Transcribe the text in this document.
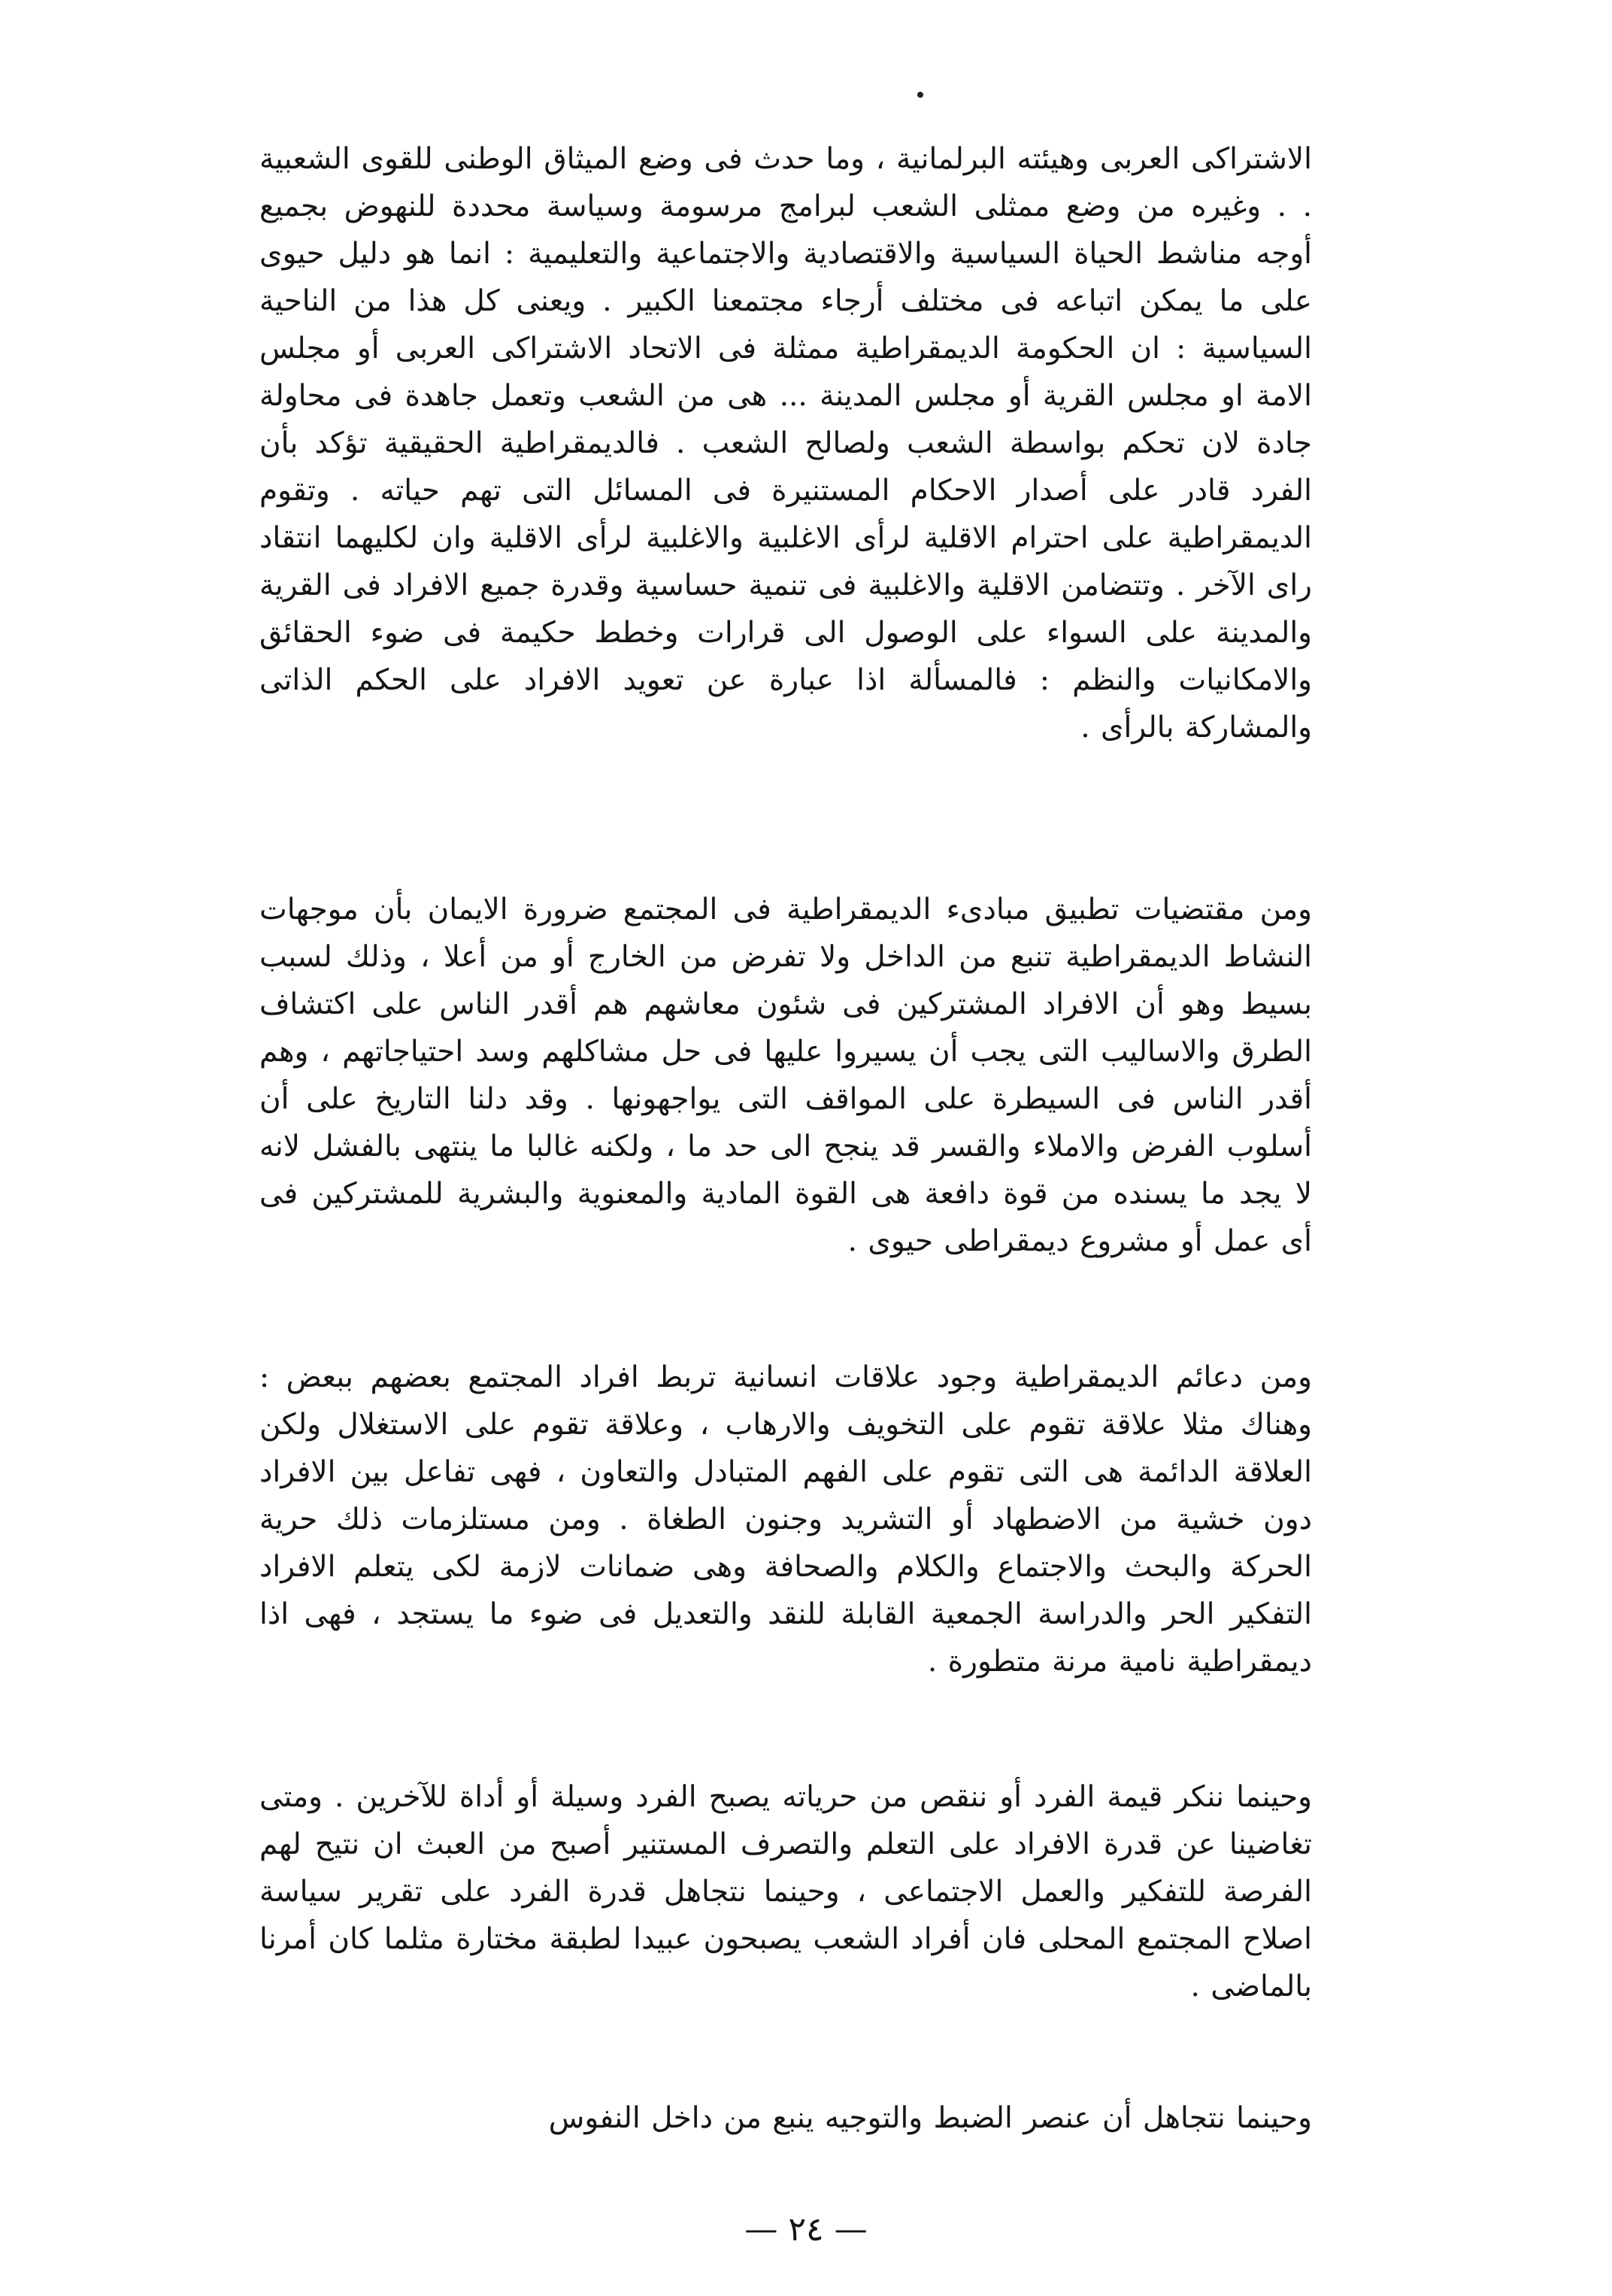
الاشتراكى العربى وهيئته البرلمانية ، وما حدث فى وضع الميثاق الوطنى للقوى الشعبية . . وغيره من وضع ممثلى الشعب لبرامج مرسومة وسياسة محددة للنهوض بجميع أوجه مناشط الحياة السياسية والاقتصادية والاجتماعية والتعليمية : انما هو دليل حيوى على ما يمكن اتباعه فى مختلف أرجاء مجتمعنا الكبير . ويعنى كل هذا من الناحية السياسية : ان الحكومة الديمقراطية ممثلة فى الاتحاد الاشتراكى العربى أو مجلس الامة او مجلس القرية أو مجلس المدينة ... هى من الشعب وتعمل جاهدة فى محاولة جادة لان تحكم بواسطة الشعب ولصالح الشعب . فالديمقراطية الحقيقية تؤكد بأن الفرد قادر على أصدار الاحكام المستنيرة فى المسائل التى تهم حياته . وتقوم الديمقراطية على احترام الاقلية لرأى الاغلبية والاغلبية لرأى الاقلية وان لكليهما انتقاد راى الآخر . وتتضامن الاقلية والاغلبية فى تنمية حساسية وقدرة جميع الافراد فى القرية والمدينة على السواء على الوصول الى قرارات وخطط حكيمة فى ضوء الحقائق والامكانيات والنظم : فالمسألة اذا عبارة عن تعويد الافراد على الحكم الذاتى والمشاركة بالرأى .

ومن مقتضيات تطبيق مبادىء الديمقراطية فى المجتمع ضرورة الايمان بأن موجهات النشاط الديمقراطية تنبع من الداخل ولا تفرض من الخارج أو من أعلا ، وذلك لسبب بسيط وهو أن الافراد المشتركين فى شئون معاشهم هم أقدر الناس على اكتشاف الطرق والاساليب التى يجب أن يسيروا عليها فى حل مشاكلهم وسد احتياجاتهم ، وهم أقدر الناس فى السيطرة على المواقف التى يواجهونها . وقد دلنا التاريخ على أن أسلوب الفرض والاملاء والقسر قد ينجح الى حد ما ، ولكنه غالبا ما ينتهى بالفشل لانه لا يجد ما يسنده من قوة دافعة هى القوة المادية والمعنوية والبشرية للمشتركين فى أى عمل أو مشروع ديمقراطى حيوى .

ومن دعائم الديمقراطية وجود علاقات انسانية تربط افراد المجتمع بعضهم ببعض : وهناك مثلا علاقة تقوم على التخويف والارهاب ، وعلاقة تقوم على الاستغلال ولكن العلاقة الدائمة هى التى تقوم على الفهم المتبادل والتعاون ، فهى تفاعل بين الافراد دون خشية من الاضطهاد أو التشريد وجنون الطغاة . ومن مستلزمات ذلك حرية الحركة والبحث والاجتماع والكلام والصحافة وهى ضمانات لازمة لكى يتعلم الافراد التفكير الحر والدراسة الجمعية القابلة للنقد والتعديل فى ضوء ما يستجد ، فهى اذا ديمقراطية نامية مرنة متطورة .

وحينما ننكر قيمة الفرد أو ننقص من حرياته يصبح الفرد وسيلة أو أداة للآخرين . ومتى تغاضينا عن قدرة الافراد على التعلم والتصرف المستنير أصبح من العبث ان نتيح لهم الفرصة للتفكير والعمل الاجتماعى ، وحينما نتجاهل قدرة الفرد على تقرير سياسة اصلاح المجتمع المحلى فان أفراد الشعب يصبحون عبيدا لطبقة مختارة مثلما كان أمرنا بالماضى .

وحينما نتجاهل أن عنصر الضبط والتوجيه ينبع من داخل النفوس

— ٢٤ —
